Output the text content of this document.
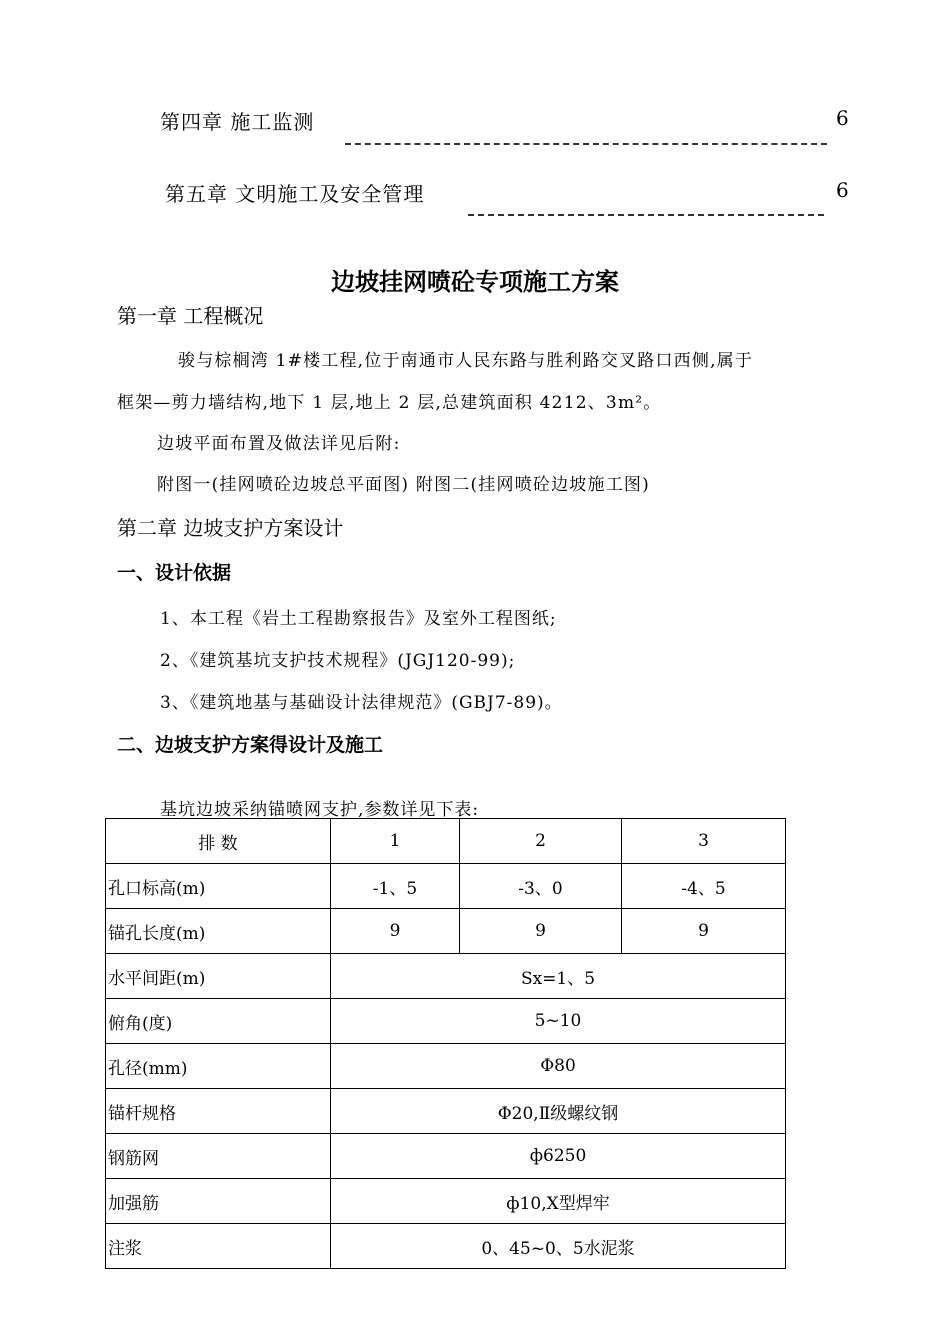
第四章 施工监测	6
第五章 文明施工及安全管理	6
边坡挂网喷砼专项施工方案
第一章 工程概况
骏与棕榈湾 1#楼工程,位于南通市人民东路与胜利路交叉路口西侧,属于
框架—剪力墙结构,地下 1 层,地上 2 层,总建筑面积 4212、3m²。
边坡平面布置及做法详见后附:
附图一(挂网喷砼边坡总平面图) 附图二(挂网喷砼边坡施工图)
第二章 边坡支护方案设计
一、设计依据
1、本工程《岩土工程勘察报告》及室外工程图纸;
2、《建筑基坑支护技术规程》(JGJ120-99);
3、《建筑地基与基础设计法律规范》(GBJ7-89)。
二、边坡支护方案得设计及施工
基坑边坡采纳锚喷网支护,参数详见下表:
排 数	1	2	3
孔口标高(m)	-1、5	-3、0	-4、5
锚孔长度(m)	9	9	9
水平间距(m)	Sx=1、5		
俯角(度)	5~10		
孔径(mm)	Φ80		
锚杆规格	Φ20,Ⅱ级螺纹钢		
钢筋网	ф6250		
加强筋	ф10,X型焊牢		
注浆	0、45~0、5水泥浆		
